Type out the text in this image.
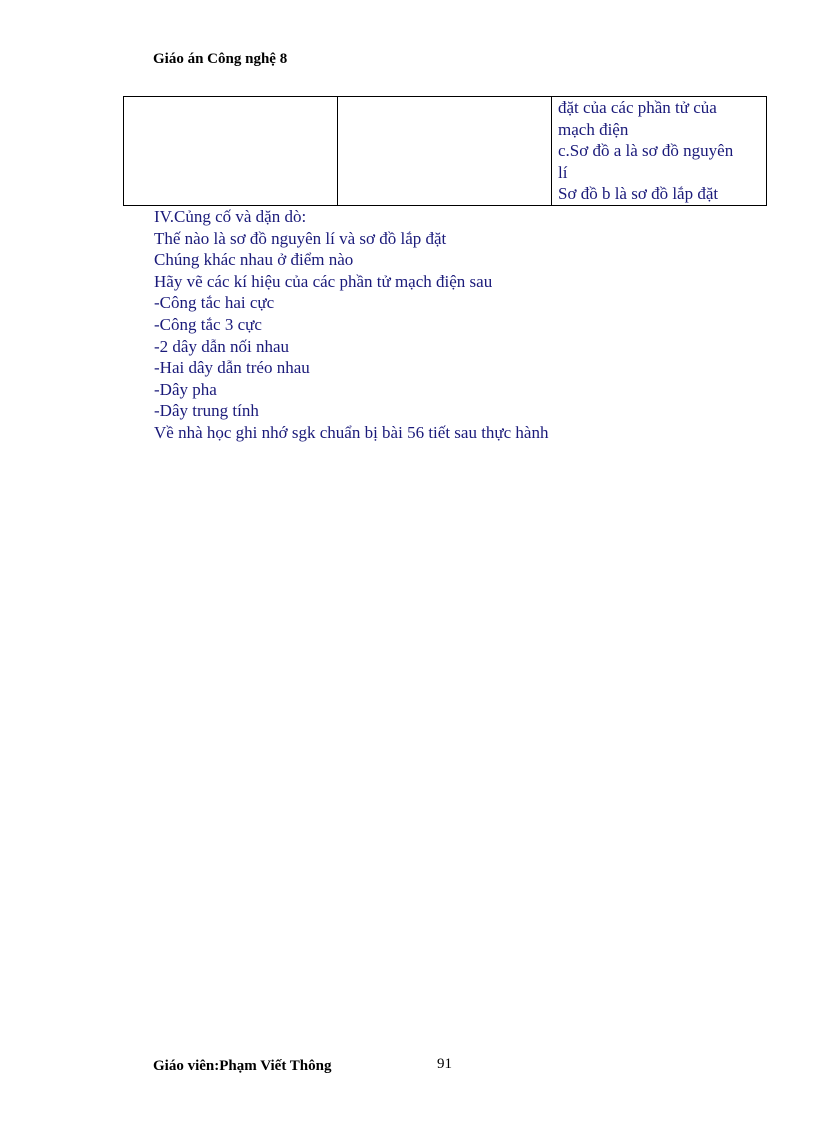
Giáo án Công nghệ 8

đặt của các phần tử của
mạch điện
c.Sơ đồ a là sơ đồ nguyên
lí
Sơ đồ b là sơ đồ lắp đặt
IV.Củng cố và dặn dò:
Thế nào là sơ đồ nguyên lí và sơ đồ lắp đặt
Chúng khác nhau ở điểm nào
Hãy vẽ các kí hiệu của các phần tử mạch điện sau
-Công tắc hai cực
-Công tắc 3 cực
-2 dây dẫn nối nhau
-Hai dây dẫn tréo nhau
-Dây pha
-Dây trung tính
Về nhà học ghi nhớ sgk chuẩn bị bài 56 tiết sau thực hành
Giáo viên:Phạm Viết Thông	91
